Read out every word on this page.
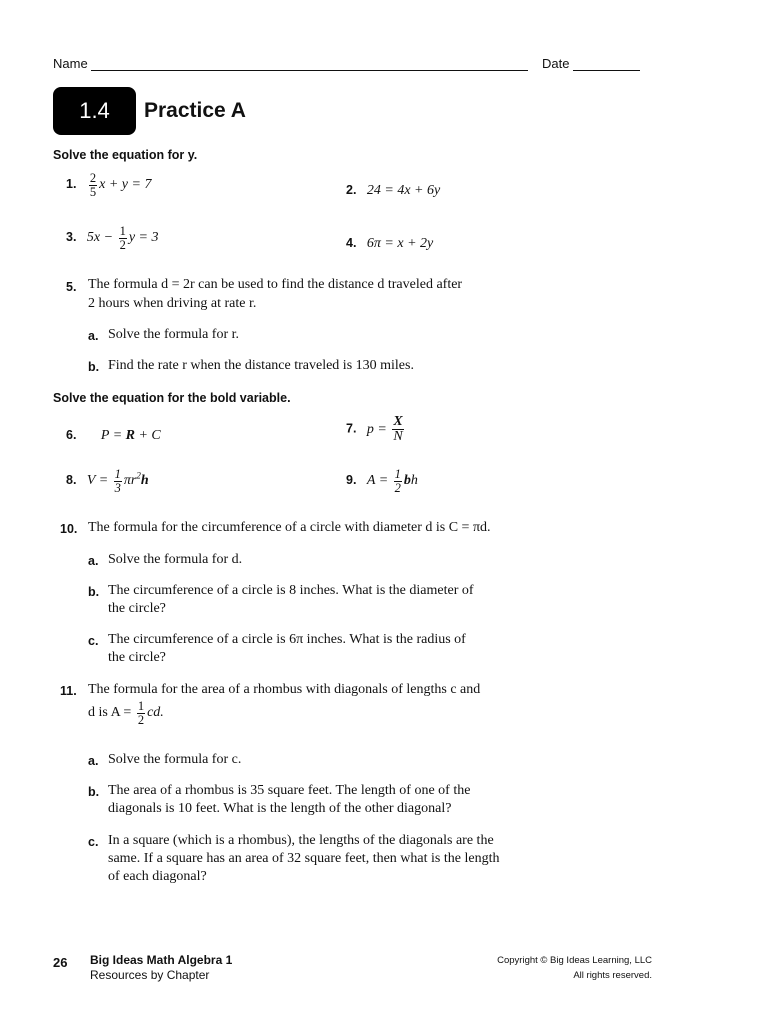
Name	Date
1.4	Practice A
Solve the equation for y.
1. $\frac{2}{5}$ x + y = 7	2. 24 = 4x + 6y
3. $5x - \frac{1}{2}$ y = 3	4. 6π = x + 2y
5. The formula d = 2r can be used to find the distance d traveled after
2 hours when driving at rate r.
a. Solve the formula for r.
b. Find the rate r when the distance traveled is 130 miles.
Solve the equation for the bold variable.
6. P = R + C	7. $p = \frac{X}{N}$
8. $V = \frac{1}{3} \pi r^2h$	9. $A = \frac{1}{2}$ bh
10. The formula for the circumference of a circle with diameter d is C = πd.
a. Solve the formula for d.
b. The circumference of a circle is 8 inches. What is the diameter of
the circle?
c. The circumference of a circle is 6π inches. What is the radius of
the circle?
11. The formula for the area of a rhombus with diagonals of lengths c and
d is $A = \frac{1}{2}$ cd.
a. Solve the formula for c.
b. The area of a rhombus is 35 square feet. The length of one of the
diagonals is 10 feet. What is the length of the other diagonal?
c. In a square (which is a rhombus), the lengths of the diagonals are the
same. If a square has an area of 32 square feet, then what is the length
of each diagonal?
26 Big Ideas Math Algebra 1
Resources by Chapter
Copyright © Big Ideas Learning, LLC
All rights reserved.
